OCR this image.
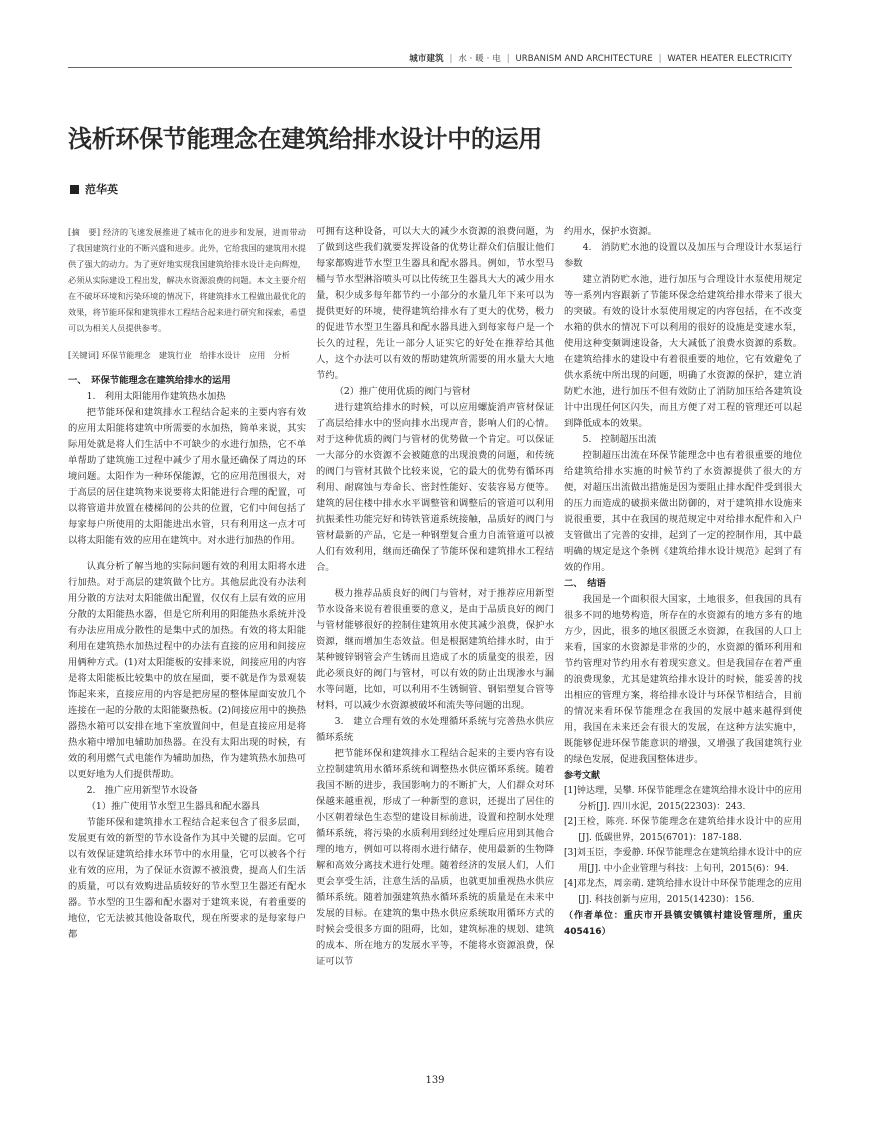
城市建筑 | 水 · 暖 · 电 | URBANISM AND ARCHITECTURE | WATER HEATER ELECTRICITY
浅析环保节能理念在建筑给排水设计中的运用
范华英

[摘　要] 经济的飞速发展推进了城市化的进步和发展，进而带动了我国建筑行业的不断兴盛和进步。此外，它给我国的建筑用水提供了强大的动力。为了更好地实现我国建筑给排水设计走向辉煌，必须从实际建设工程出发，解决水资源浪费的问题。本文主要介绍在不破坏环境和污染环境的情况下，将建筑排水工程做出最优化的效果，将节能环保和建筑排水工程结合起来进行研究和探索，希望可以为相关人员提供参考。

[关键词] 环保节能理念　建筑行业　给排水设计　应用　分析

一、　环保节能理念在建筑给排水的运用

1.　利用太阳能用作建筑热水加热

把节能环保和建筑排水工程结合起来的主要内容有效的应用太阳能将建筑中所需要的水加热，简单来说，其实际用处就是将人们生活中不可缺少的水进行加热，它不单单帮助了建筑施工过程中减少了用水量还确保了周边的环境问题。太阳作为一种环保能源，它的应用范围很大，对于高层的居住建筑物来说要将太阳能进行合理的配置，可以将管道井放置在楼梯间的公共的位置，它们中间包括了每家每户所使用的太阳能进出水管，只有利用这一点才可以将太阳能有效的应用在建筑中。对水进行加热的作用。

认真分析了解当地的实际问题有效的利用太阳将水进行加热。对于高层的建筑做个比方。其他层此没有办法利用分散的方法对太阳能做出配置，仅仅有上层有效的应用分散的太阳能热水器，但是它所利用的阳能热水系统并没有办法应用成分散性的是集中式的加热。有效的将太阳能利用在建筑热水加热过程中的办法有直接的应用和间接应用俩种方式。(1)对太阳能板的安排来说，间接应用的内容是将太阳能板比较集中的放在屋面，要不就是作为景观装饰起来来，直接应用的内容是把房屋的整体屋面安放几个连接在一起的分散的太阳能聚热板。(2)间接应用中的换热器热水箱可以安排在地下室放置间中，但是直接应用是将热水箱中增加电辅助加热器。在没有太阳出现的时候，有效的利用燃气式电能作为辅助加热，作为建筑热水加热可以更好地为人们提供帮助。

2.　推广应用新型节水设备

（1）推广使用节水型卫生器具和配水器具

节能环保和建筑排水工程结合起来包含了很多层面，发展更有效的新型的节水设备作为其中关键的层面。它可以有效保证建筑给排水环节中的水用量，它可以被各个行业有效的应用，为了保证水资源不被浪费，提高人们生活的质量，可以有效购进品质较好的节水型卫生器还有配水器。节水型的卫生器和配水器对于建筑来说，有着重要的地位，它无法被其他设备取代，现在所要求的是每家每户都

可拥有这种设备，可以大大的减少水资源的浪费问题，为了做到这些我们就要发挥设备的优势让群众们信服让他们每家都购进节水型卫生器具和配水器具。例如，节水型马桶与节水型淋浴喷头可以比传统卫生器具大大的减少用水量，积少成多每年都节约一小部分的水量几年下来可以为提供更好的环境，使得建筑给排水有了更大的优势，极力的促进节水型卫生器具和配水器具进入到每家每户是一个长久的过程，先让一部分人证实它的好处在推荐给其他人，这个办法可以有效的帮助建筑所需要的用水量大大地节约。

（2）推广使用优质的阀门与管材

进行建筑给排水的时候，可以应用螺旋消声管材保证了高层给排水中的竖向排水出现声音，影响人们的心情。对于这种优质的阀门与管材的优势做一个肯定。可以保证一大部分的水资源不会被随意的出现浪费的问题，和传统的阀门与管材其做个比较来说，它的最大的优势有循环再利用、耐腐蚀与寿命长、密封性能好、安装容易方便等。建筑的居住楼中排水水平调整管和调整后的管道可以利用抗振柔性功能完好和铸铁管道系统接触，品质好的阀门与管材最新的产品，它是一种钢塑复合重力自流管道可以被人们有效利用，继而还确保了节能环保和建筑排水工程结合。

极力推荐品质良好的阀门与管材，对于推荐应用新型节水设备来说有着很重要的意义，是由于品质良好的阀门与管材能够很好的控制住建筑用水使其减少浪费，保护水资源，继而增加生态效益。但是根据建筑给排水时，由于某种镀锌钢管会产生锈而且造成了水的质量变的很差，因此必须良好的阀门与管材，可以有效的防止出现渗水与漏水等问题，比如，可以利用不生锈铜管、钢铝塑复合管等材料，可以减少水资源被破坏和流失等问题的出现。

3.　建立合理有效的水处理循环系统与完善热水供应循环系统

把节能环保和建筑排水工程结合起来的主要内容有设立控制建筑用水循环系统和调整热水供应循环系统。随着我国不断的进步，我国影响力的不断扩大，人们群众对环保越来越重视，形成了一种新型的意识，还提出了居住的小区朝着绿色生态型的建设目标前进，设置和控制水处理循环系统，将污染的水质利用到经过处理后应用到其他合理的地方，例如可以将雨水进行储存，使用最新的生物降解和高效分离技术进行处理。随着经济的发展人们，人们更会享受生活，注意生活的品质，也就更加重视热水供应循环系统。随着加强建筑热水循环系统的质量是在未来中发展的目标。在建筑的集中热水供应系统取用循环方式的时候会受很多方面的阻碍，比如，建筑标准的规划、建筑的成本、所在地方的发展水平等，不能将水资源浪费，保证可以节

约用水，保护水资源。

4.　消防贮水池的设置以及加压与合理设计水泵运行参数

建立消防贮水池，进行加压与合理设计水泵使用规定等一系列内容跟新了节能环保念给建筑给排水带来了很大的突破。有效的设计水泵使用规定的内容包括，在不改变水箱的供水的情况下可以利用的很好的设施是变速水泵，使用这种变频调速设备，大大减低了浪费水资源的系数。在建筑给排水的建设中有着很重要的地位，它有效避免了供水系统中所出现的问题，明确了水资源的保护，建立消防贮水池，进行加压不但有效防止了消防加压给各建筑设计中出现任何区闪失，而且方便了对工程的管理还可以起到降低成本的效果。

5.　控制超压出流

控制超压出流在环保节能理念中也有着很重要的地位给建筑给排水实施的时候节约了水资源提供了很大的方便，对超压出流做出措施是因为要阻止排水配件受到很大的压力而造成的破损来做出防御的，对于建筑排水设施来说很重要，其中在我国的规范规定中对给排水配件和入户支管做出了完善的安排，起到了一定的控制作用，其中最明确的规定是这个条例《建筑给排水设计规范》起到了有效的作用。

二、　结语

我国是一个面积很大国家，土地很多，但我国的具有很多不同的地势构造，所存在的水资源有的地方多有的地方少，因此，很多的地区很匮乏水资源，在我国的人口上来看，国家的水资源是非常的少的，水资源的循环利用和节约管理对节约用水有着现实意义。但是我国存在着严重的浪费现象，尤其是建筑给排水设计的时候，能妥善的找出相应的管理方案，将给排水设计与环保节相结合，目前的情况来看环保节能理念在我国的发展中越来越得到使用，我国在未来还会有很大的发展，在这种方法实施中，既能够促进环保节能意识的增强，又增强了我国建筑行业的绿色发展，促进我国整体进步。

参考文献

[1]钟达理，吴攀. 环保节能理念在建筑给排水设计中的应用分析[J]. 四川水泥，2015(22303)：243.

[2]王检，陈亮. 环保节能理念在建筑给排水设计中的应用[J]. 低碳世界，2015(6701)：187-188.

[3]刘玉臣，李爱静. 环保节能理念在建筑给排水设计中的应用[J]. 中小企业管理与科技：上旬刊，2015(6)：94.

[4]邓龙杰，周亲萌. 建筑给排水设计中环保节能理念的应用[J]. 科技创新与应用，2015(14230)：156.

（作者单位：重庆市开县镇安镇镇村建设管理所，重庆　405416）

139
